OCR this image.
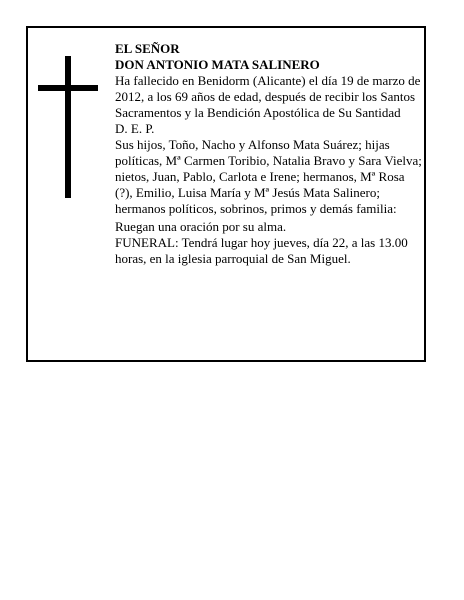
EL SEÑOR

DON ANTONIO MATA SALINERO

Ha fallecido en Benidorm (Alicante) el día 19 de marzo de 2012, a los 69 años de edad, después de recibir los Santos Sacramentos y la Bendición Apostólica de Su Santidad

D. E. P.

Sus hijos, Toño, Nacho y Alfonso Mata Suárez; hijas políticas, Mª Carmen Toribio, Natalia Bravo y Sara Vielva; nietos, Juan, Pablo, Carlota e Irene; hermanos, Mª Rosa (?), Emilio, Luisa María y Mª Jesús Mata Salinero; hermanos políticos, sobrinos, primos y demás familia:

Ruegan una oración por su alma.

FUNERAL: Tendrá lugar hoy jueves, día 22, a las 13.00 horas, en la iglesia parroquial de San Miguel.
